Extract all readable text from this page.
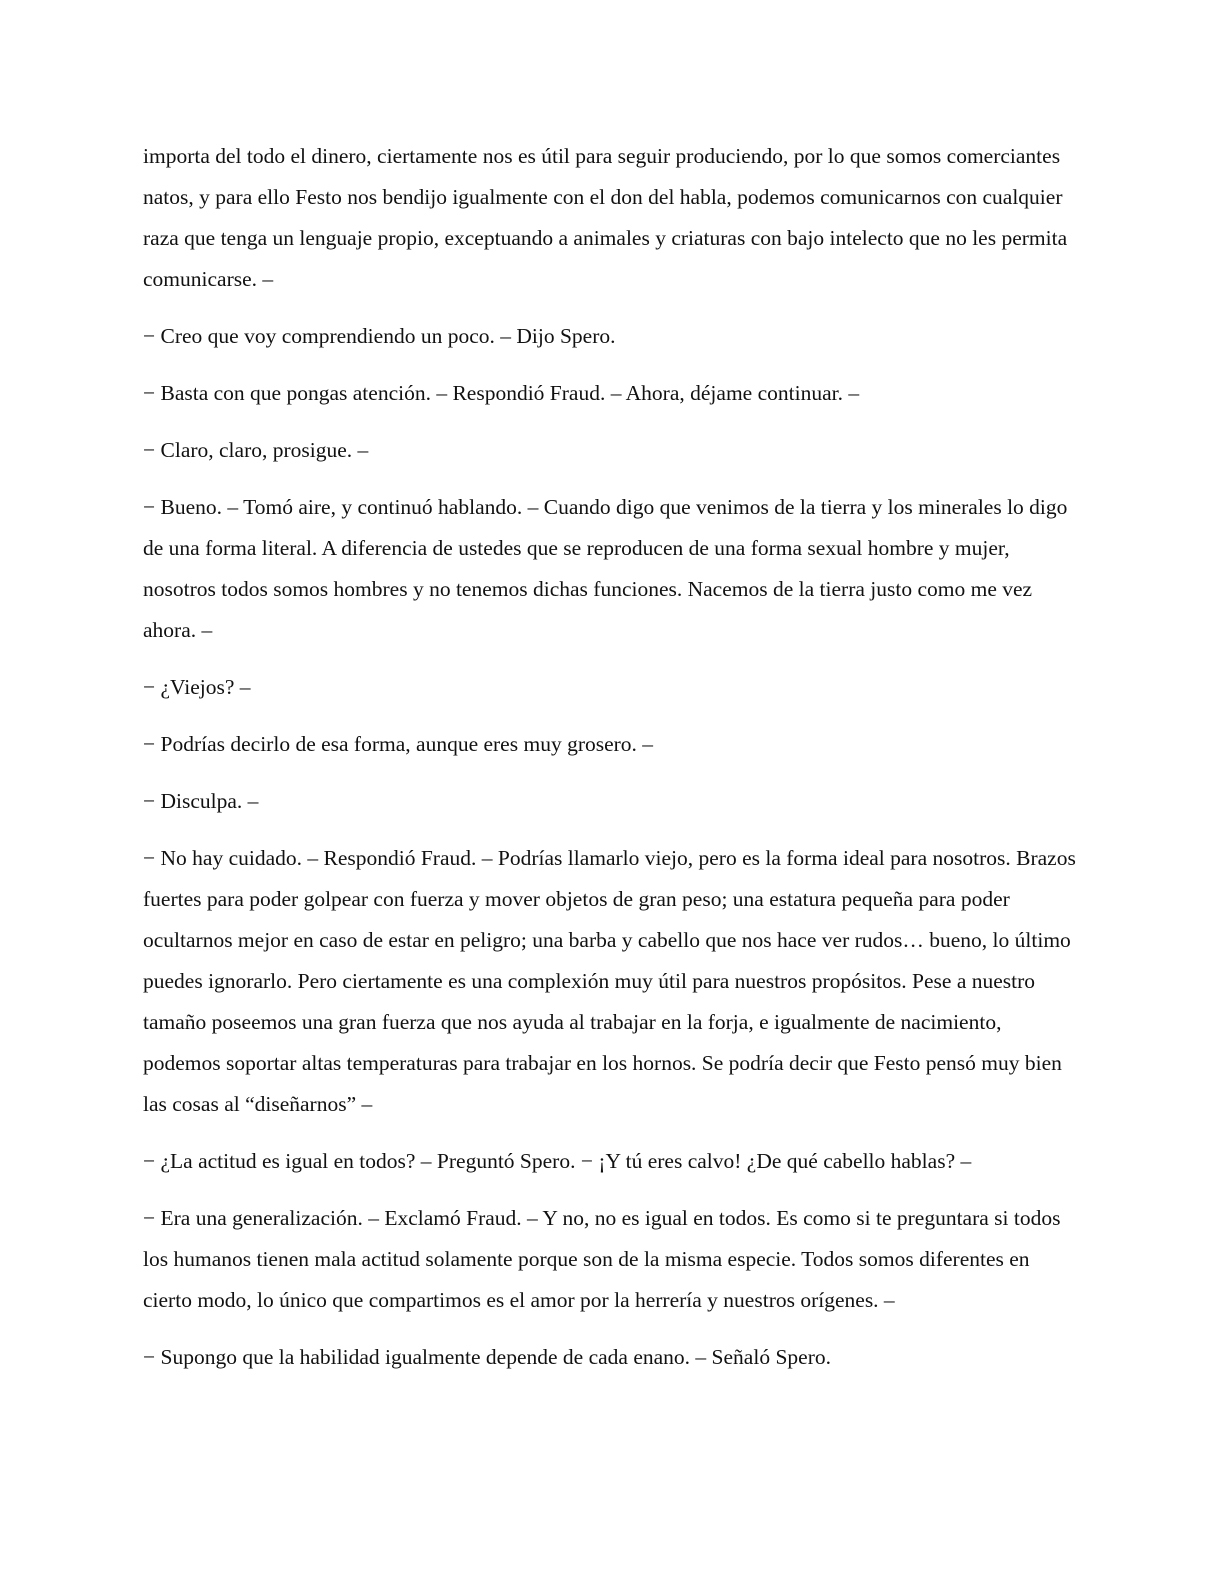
importa del todo el dinero, ciertamente nos es útil para seguir produciendo, por lo que somos comerciantes natos, y para ello Festo nos bendijo igualmente con el don del habla, podemos comunicarnos con cualquier raza que tenga un lenguaje propio, exceptuando a animales y criaturas con bajo intelecto que no les permita comunicarse. –

− Creo que voy comprendiendo un poco. – Dijo Spero.

− Basta con que pongas atención. – Respondió Fraud. – Ahora, déjame continuar. –

− Claro, claro, prosigue. –

− Bueno. – Tomó aire, y continuó hablando. – Cuando digo que venimos de la tierra y los minerales lo digo de una forma literal. A diferencia de ustedes que se reproducen de una forma sexual hombre y mujer, nosotros todos somos hombres y no tenemos dichas funciones. Nacemos de la tierra justo como me vez ahora. –

− ¿Viejos? –

− Podrías decirlo de esa forma, aunque eres muy grosero. –

− Disculpa. –

− No hay cuidado. – Respondió Fraud. – Podrías llamarlo viejo, pero es la forma ideal para nosotros. Brazos fuertes para poder golpear con fuerza y mover objetos de gran peso; una estatura pequeña para poder ocultarnos mejor en caso de estar en peligro; una barba y cabello que nos hace ver rudos… bueno, lo último puedes ignorarlo. Pero ciertamente es una complexión muy útil para nuestros propósitos. Pese a nuestro tamaño poseemos una gran fuerza que nos ayuda al trabajar en la forja, e igualmente de nacimiento, podemos soportar altas temperaturas para trabajar en los hornos. Se podría decir que Festo pensó muy bien las cosas al “diseñarnos” –

− ¿La actitud es igual en todos? – Preguntó Spero. − ¡Y tú eres calvo! ¿De qué cabello hablas? –

− Era una generalización. – Exclamó Fraud. – Y no, no es igual en todos. Es como si te preguntara si todos los humanos tienen mala actitud solamente porque son de la misma especie. Todos somos diferentes en cierto modo, lo único que compartimos es el amor por la herrería y nuestros orígenes. –

− Supongo que la habilidad igualmente depende de cada enano. – Señaló Spero.
